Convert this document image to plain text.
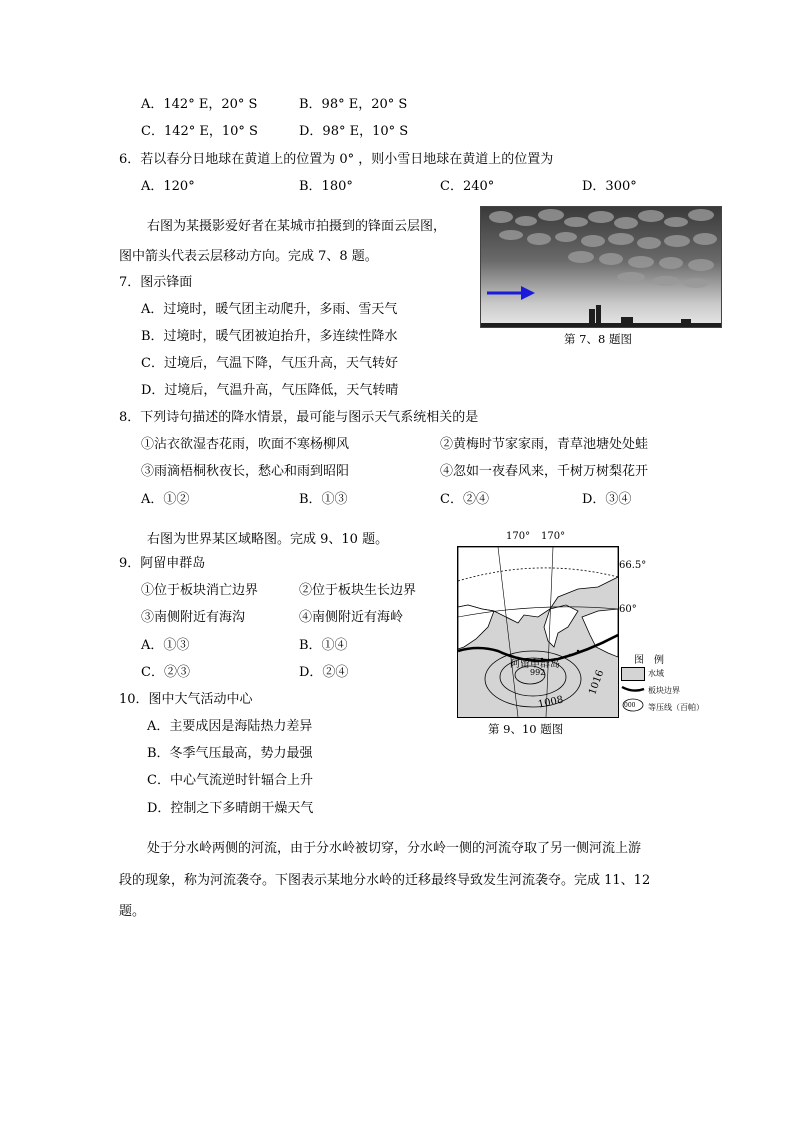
A．142° E，20° S	B．98° E，20° S
C．142° E，10° S	D．98° E，10° S
6．若以春分日地球在黄道上的位置为 0° ，则小雪日地球在黄道上的位置为
A．120°	B．180°	C．240°	D．300°
右图为某摄影爱好者在某城市拍摄到的锋面云层图，
图中箭头代表云层移动方向。完成 7、8 题。
第 7、8 题图
7．图示锋面
A．过境时，暖气团主动爬升，多雨、雪天气
B．过境时，暖气团被迫抬升，多连续性降水
C．过境后，气温下降，气压升高，天气转好
D．过境后，气温升高，气压降低，天气转晴
8．下列诗句描述的降水情景，最可能与图示天气系统相关的是
①沾衣欲湿杏花雨，吹面不寒杨柳风	②黄梅时节家家雨，青草池塘处处蛙
③雨滴梧桐秋夜长，愁心和雨到昭阳	④忽如一夜春风来，千树万树梨花开
A．①②	B．①③	C．②④	D．③④
右图为世界某区域略图。完成 9、10 题。	170° 170°
66.5°
60°
阿留申群岛
992
1008
1016
图　例
水域
板块边界
000 等压线（百帕）
第 9、10 题图
9．阿留申群岛
①位于板块消亡边界	②位于板块生长边界
③南侧附近有海沟	④南侧附近有海岭
A．①③	B．①④
C．②③	D．②④
10．图中大气活动中心
A．主要成因是海陆热力差异
B．冬季气压最高，势力最强
C．中心气流逆时针辐合上升
D．控制之下多晴朗干燥天气
处于分水岭两侧的河流，由于分水岭被切穿，分水岭一侧的河流夺取了另一侧河流上游
段的现象，称为河流袭夺。下图表示某地分水岭的迁移最终导致发生河流袭夺。完成 11、12
题。
